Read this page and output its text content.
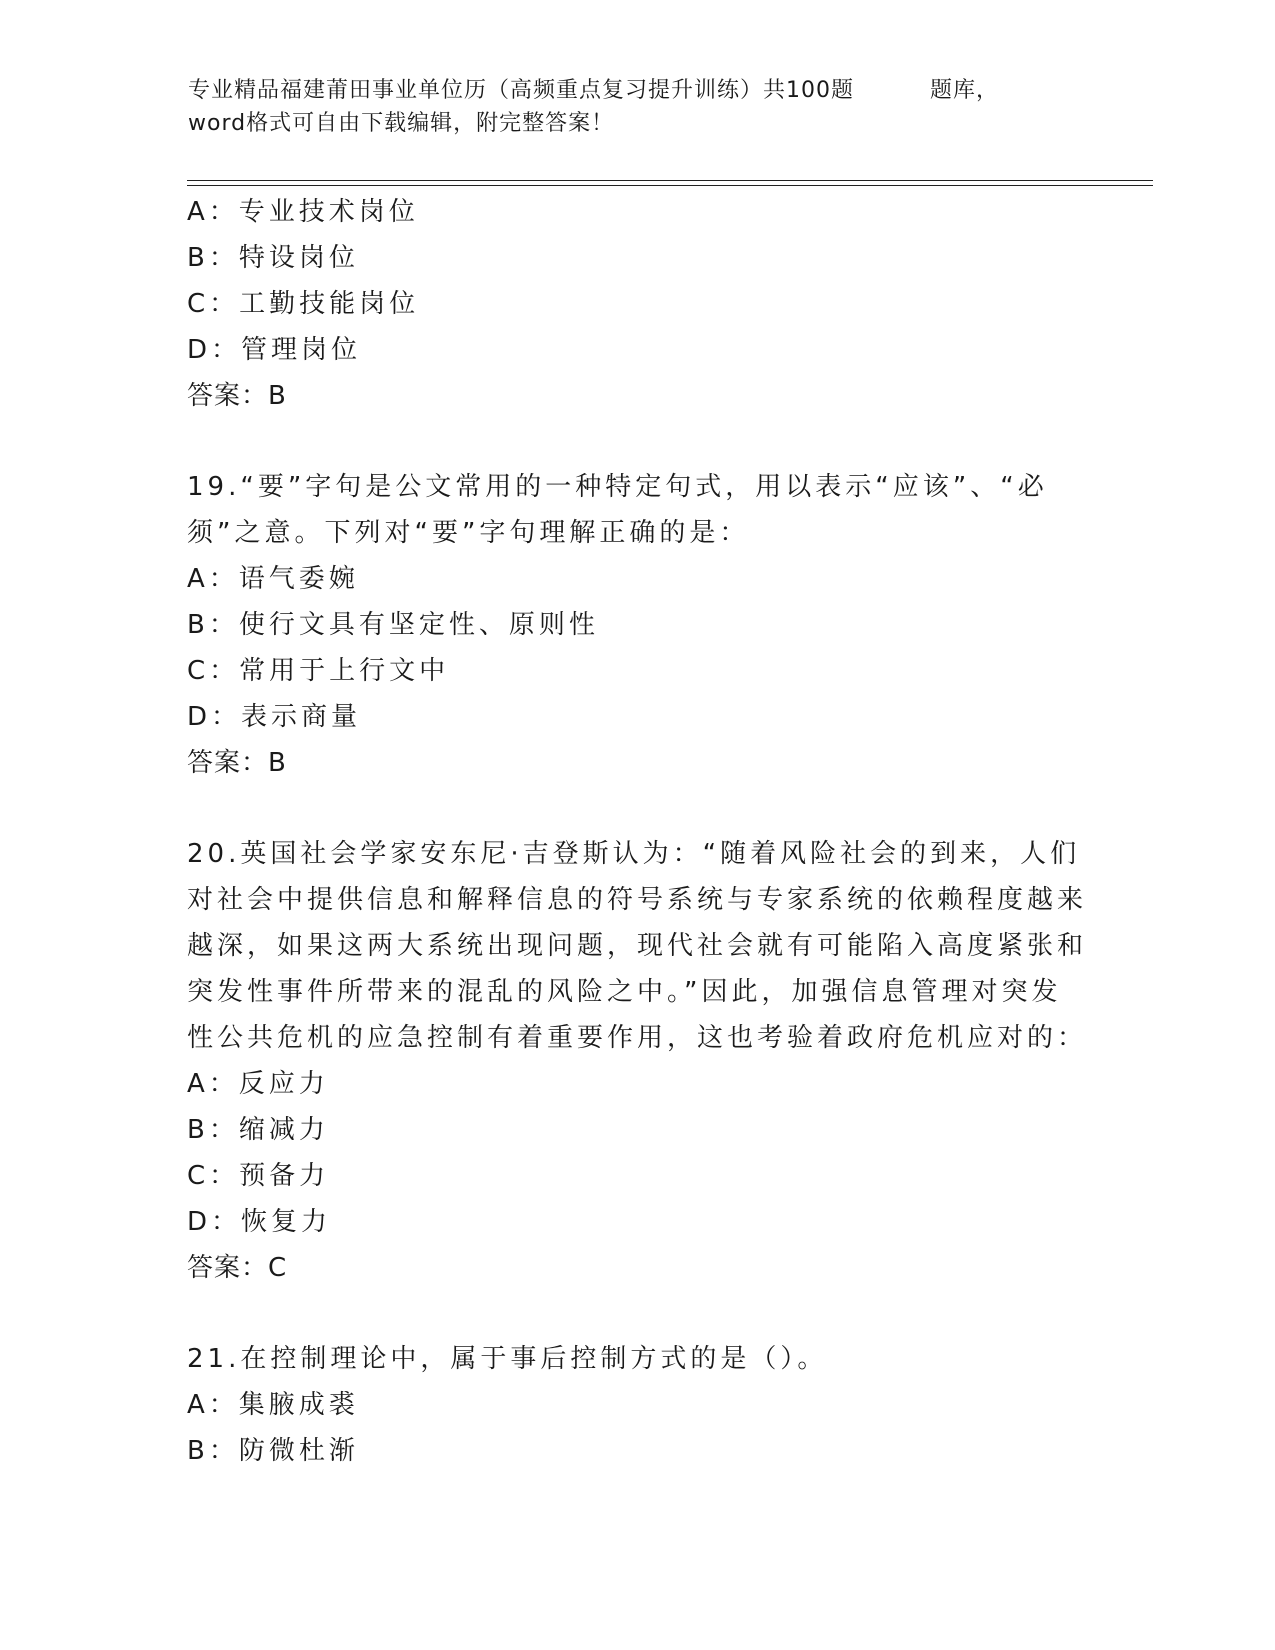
专业精品福建莆田事业单位历（高频重点复习提升训练）共100题	题库，
word格式可自由下载编辑，附完整答案！
A：专业技术岗位
B：特设岗位
C：工勤技能岗位
D：管理岗位
答案：B
19.“要”字句是公文常用的一种特定句式，用以表示“应该”、“必
须”之意。下列对“要”字句理解正确的是：
A：语气委婉
B：使行文具有坚定性、原则性
C：常用于上行文中
D：表示商量
答案：B
20.英国社会学家安东尼·吉登斯认为：“随着风险社会的到来，人们
对社会中提供信息和解释信息的符号系统与专家系统的依赖程度越来
越深，如果这两大系统出现问题，现代社会就有可能陷入高度紧张和
突发性事件所带来的混乱的风险之中。”因此，加强信息管理对突发
性公共危机的应急控制有着重要作用，这也考验着政府危机应对的：
A：反应力
B：缩减力
C：预备力
D：恢复力
答案：C
21.在控制理论中，属于事后控制方式的是（）。
A：集腋成裘
B：防微杜渐
